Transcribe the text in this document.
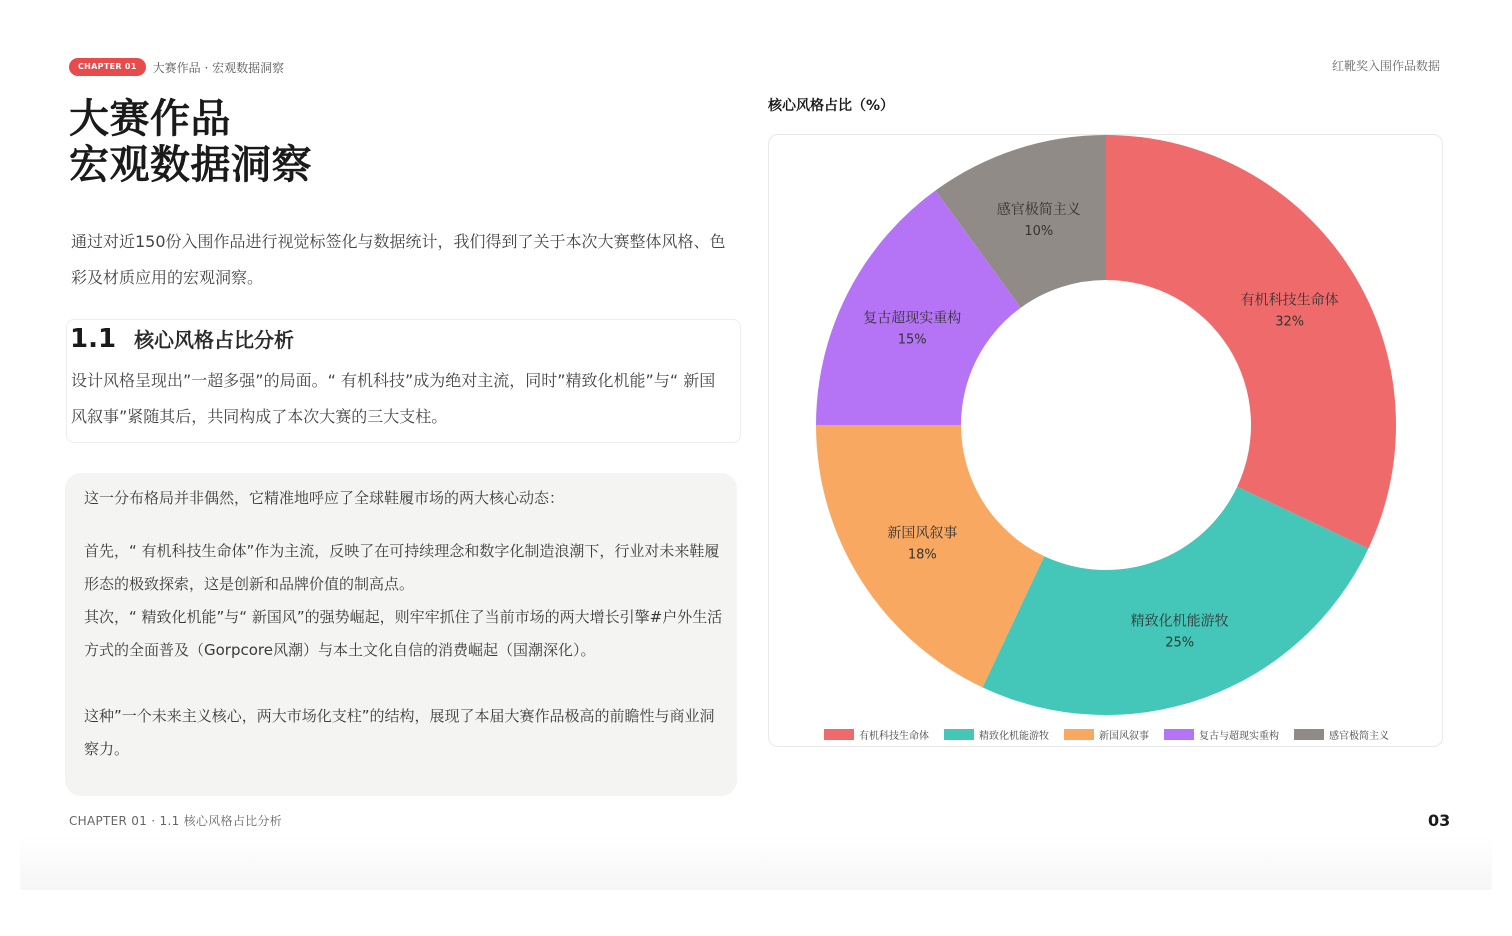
CHAPTER 01	大赛作品 · 宏观数据洞察	红靴奖入围作品数据
大赛作品
宏观数据洞察
通过对近150份入围作品进行视觉标签化与数据统计，我们得到了关于本次大赛整体风格、色彩及材质应用的宏观洞察。
1.1 核心风格占比分析
设计风格呈现出”一超多强”的局面。“ 有机科技”成为绝对主流，同时”精致化机能”与“ 新国风叙事”紧随其后，共同构成了本次大赛的三大支柱。

这一分布格局并非偶然，它精准地呼应了全球鞋履市场的两大核心动态：

首先，“ 有机科技生命体”作为主流，反映了在可持续理念和数字化制造浪潮下，行业对未来鞋履形态的极致探索，这是创新和品牌价值的制高点。

其次，“ 精致化机能”与“ 新国风”的强势崛起，则牢牢抓住了当前市场的两大增长引擎#户外生活方式的全面普及（Gorpcore风潮）与本土文化自信的消费崛起（国潮深化）。

这种”一个未来主义核心，两大市场化支柱”的结构，展现了本届大赛作品极高的前瞻性与商业洞察力。

CHAPTER 01 · 1.1 核心风格占比分析	03
核心风格占比（%）
有机科技生命体
32%
精致化机能游牧
25%
新国风叙事
18%
复古超现实重构
15%
感官极简主义
10%
有机科技生命体	精致化机能游牧	新国风叙事	复古与超现实重构	感官极简主义
